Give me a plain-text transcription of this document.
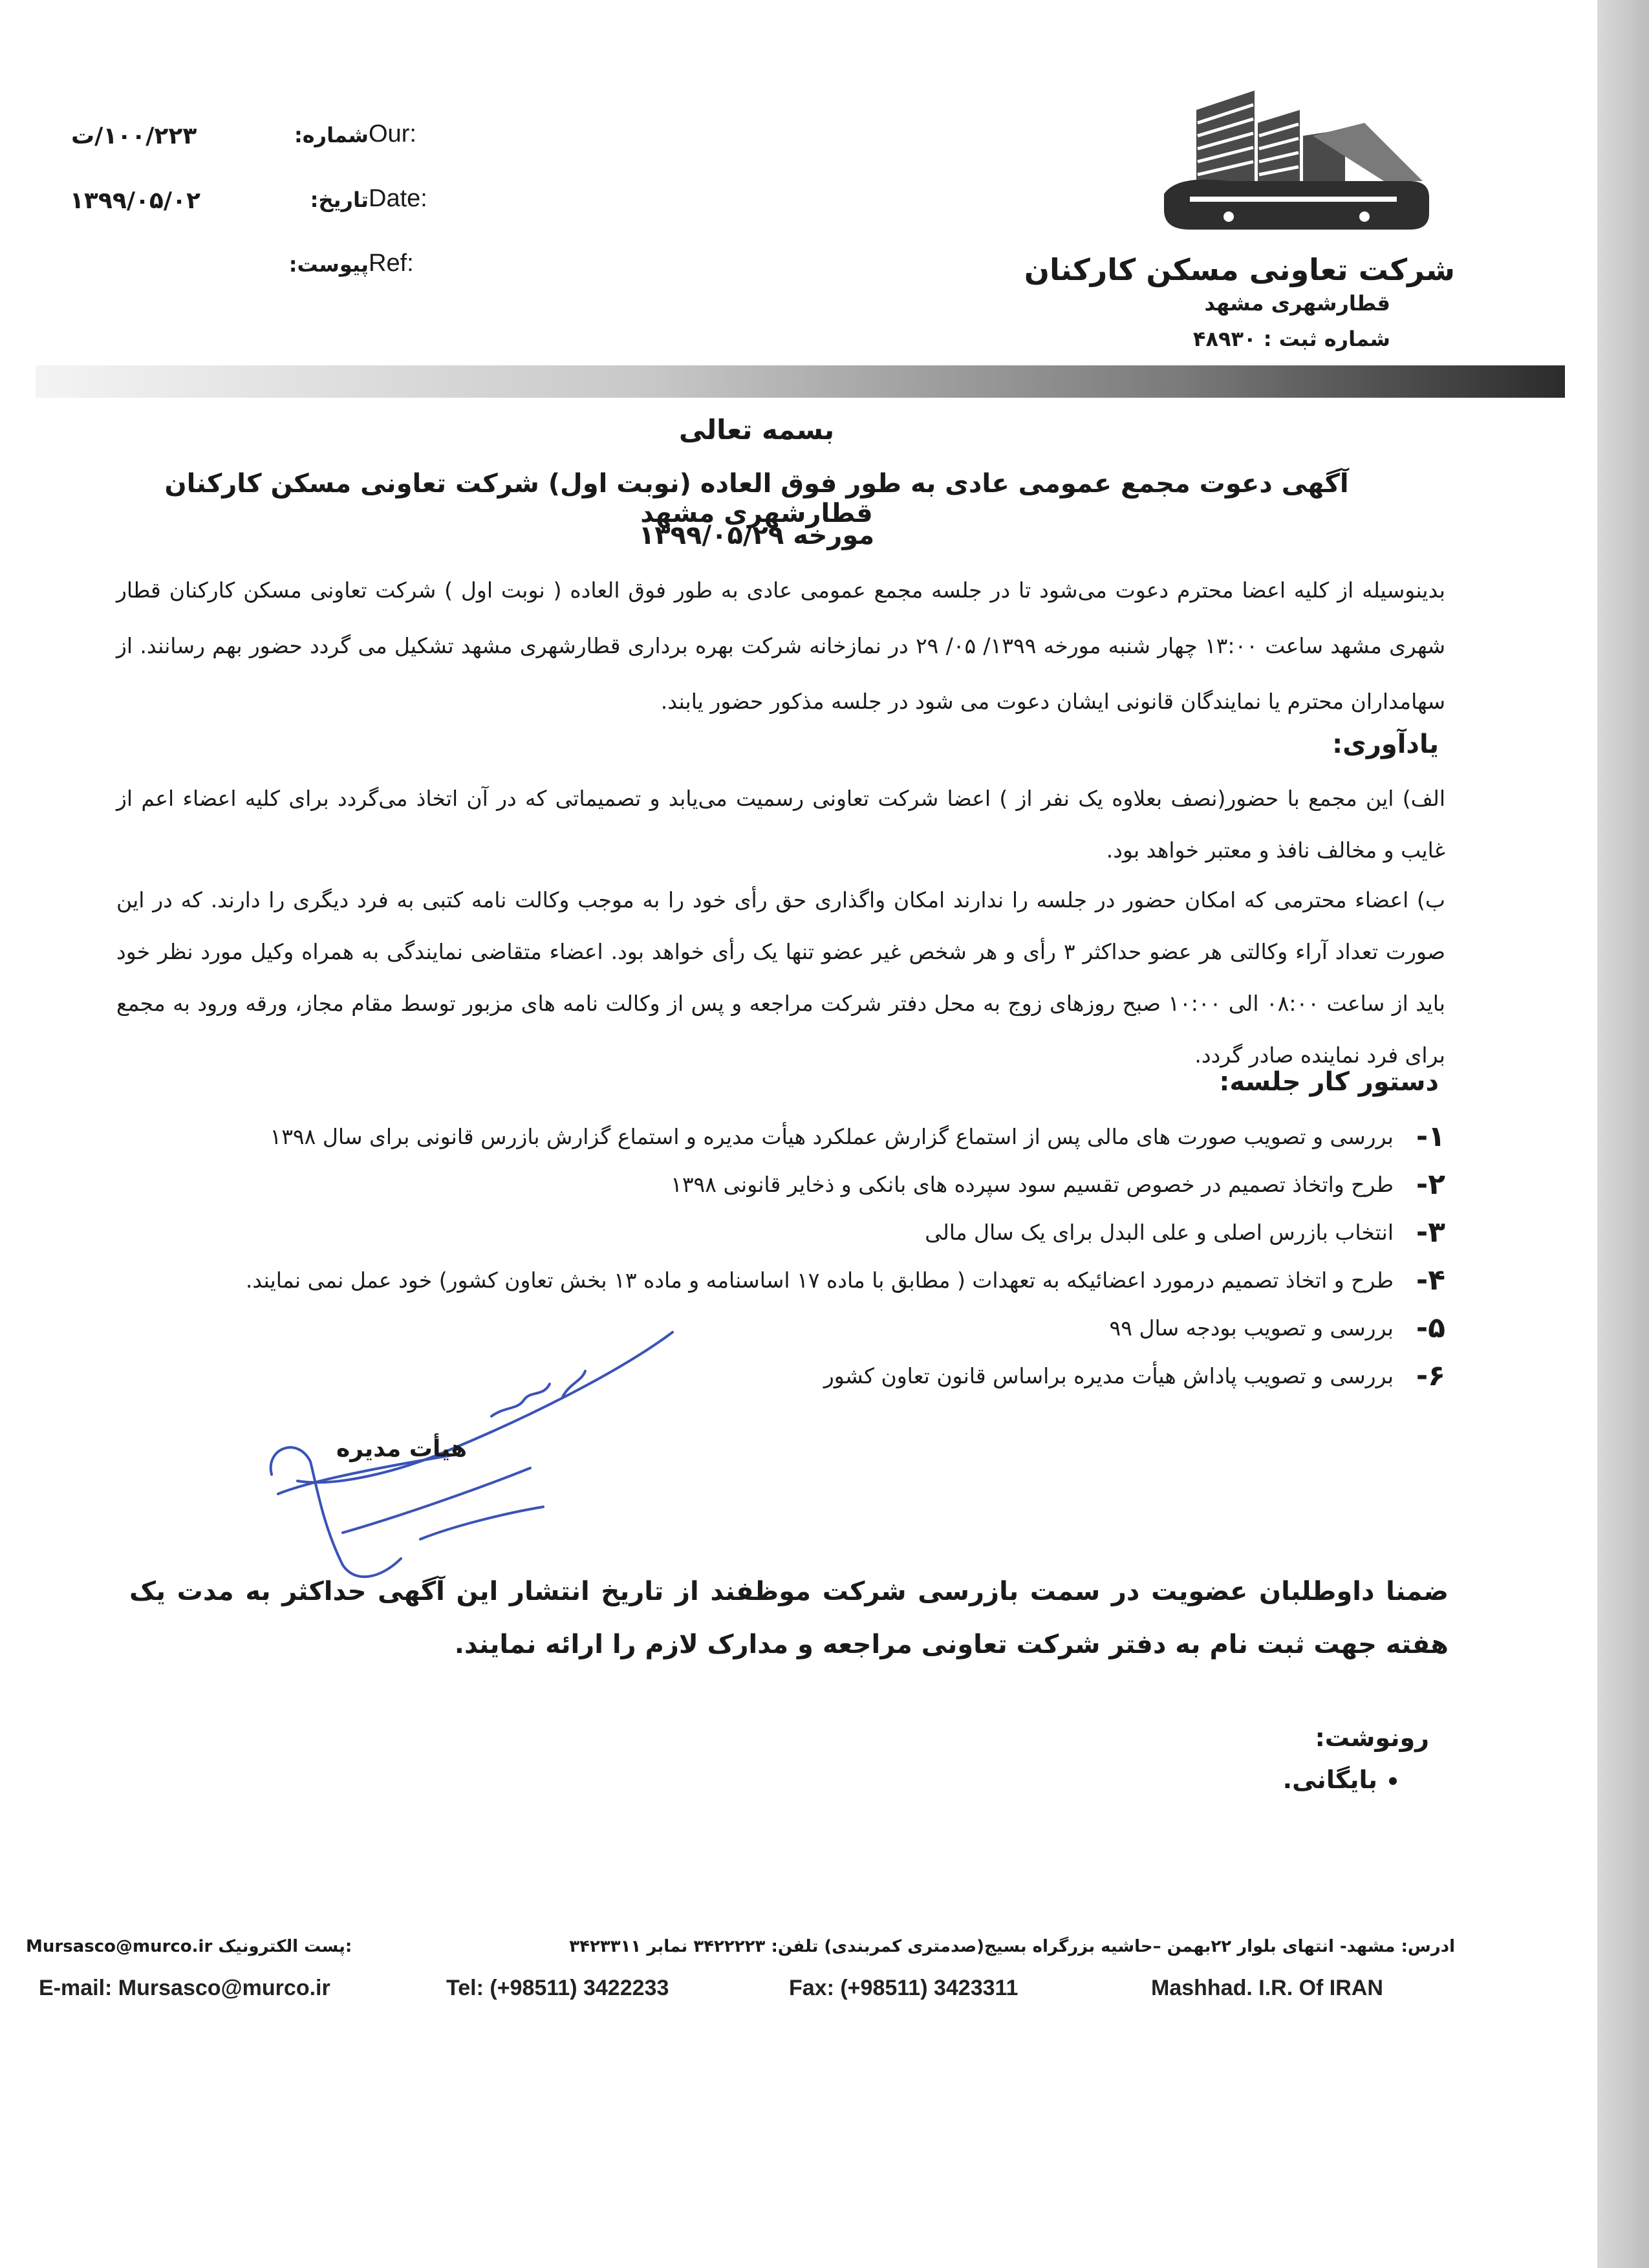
۱۰۰/۲۲۳/ت	شماره: Our:
۱۳۹۹/۰۵/۰۲	تاریخ: Date:
پیوست: Ref:	شرکت تعاونی مسکن کارکنان
قطارشهری مشهد
شماره ثبت : ۴۸۹۳۰
بسمه تعالی
آگهی دعوت مجمع عمومی عادی به طور فوق العاده (نوبت اول) شرکت تعاونی مسکن کارکنان قطارشهری مشهد
مورخه ۱۳۹۹/۰۵/۲۹
بدینوسیله از کلیه اعضا محترم دعوت می‌شود تا در جلسه مجمع عمومی عادی به طور فوق العاده ( نوبت اول ) شرکت تعاونی مسکن کارکنان قطار شهری مشهد ساعت ۱۳:۰۰ چهار شنبه مورخه ۱۳۹۹/ ۰۵/ ۲۹ در نمازخانه شرکت بهره برداری قطارشهری مشهد تشکیل می گردد حضور بهم رسانند. از سهامداران محترم یا نمایندگان قانونی ایشان دعوت می شود در جلسه مذکور حضور یابند.
یادآوری:
الف) این مجمع با حضور(نصف بعلاوه یک نفر از ) اعضا شرکت تعاونی رسمیت می‌یابد و تصمیماتی که در آن اتخاذ می‌گردد برای کلیه اعضاء اعم از غایب و مخالف نافذ و معتبر خواهد بود.
ب) اعضاء محترمی که امکان حضور در جلسه را ندارند امکان واگذاری حق رأی خود را به موجب وکالت نامه کتبی به فرد دیگری را دارند. که در این صورت تعداد آراء وکالتی هر عضو حداکثر ۳ رأی و هر شخص غیر عضو تنها یک رأی خواهد بود. اعضاء متقاضی نمایندگی به همراه وکیل مورد نظر خود باید از ساعت ۰۸:۰۰ الی ۱۰:۰۰ صبح روزهای زوج به محل دفتر شرکت مراجعه و پس از وکالت نامه های مزبور توسط مقام مجاز، ورقه ورود به مجمع برای فرد نماینده صادر گردد.
دستور کار جلسه:
۱-
بررسی و تصویب صورت های مالی پس از استماع گزارش عملکرد هیأت مدیره و استماع گزارش بازرس قانونی برای سال ۱۳۹۸
۲-
طرح واتخاذ تصمیم در خصوص تقسیم سود سپرده های بانکی و ذخایر قانونی ۱۳۹۸
۳-
انتخاب بازرس اصلی و علی البدل برای یک سال مالی
۴-
طرح و اتخاذ تصمیم درمورد اعضائیکه به تعهدات ( مطابق با ماده ۱۷ اساسنامه و ماده ۱۳ بخش تعاون کشور) خود عمل نمی نمایند.
۵-
بررسی و تصویب بودجه سال ۹۹
۶-
بررسی و تصویب پاداش هیأت مدیره براساس قانون تعاون کشور
هیأت مدیره
ضمنا داوطلبان عضویت در سمت بازرسی شرکت موظفند از تاریخ انتشار این آگهی حداکثر به مدت یک هفته جهت ثبت نام به دفتر شرکت تعاونی مراجعه و مدارک لازم را ارائه نمایند.
رونوشت:
• بایگانی.
Mursasco@murco.ir پست الکترونیک:	ادرس: مشهد- انتهای بلوار ۲۲بهمن –حاشیه بزرگراه بسیج(صدمتری کمربندی) تلفن: ۳۴۲۲۲۲۳ نمابر ۳۴۲۳۳۱۱
E-mail: Mursasco@murco.ir	Tel: (+98511) 3422233	Fax: (+98511) 3423311	Mashhad. I.R. Of IRAN
